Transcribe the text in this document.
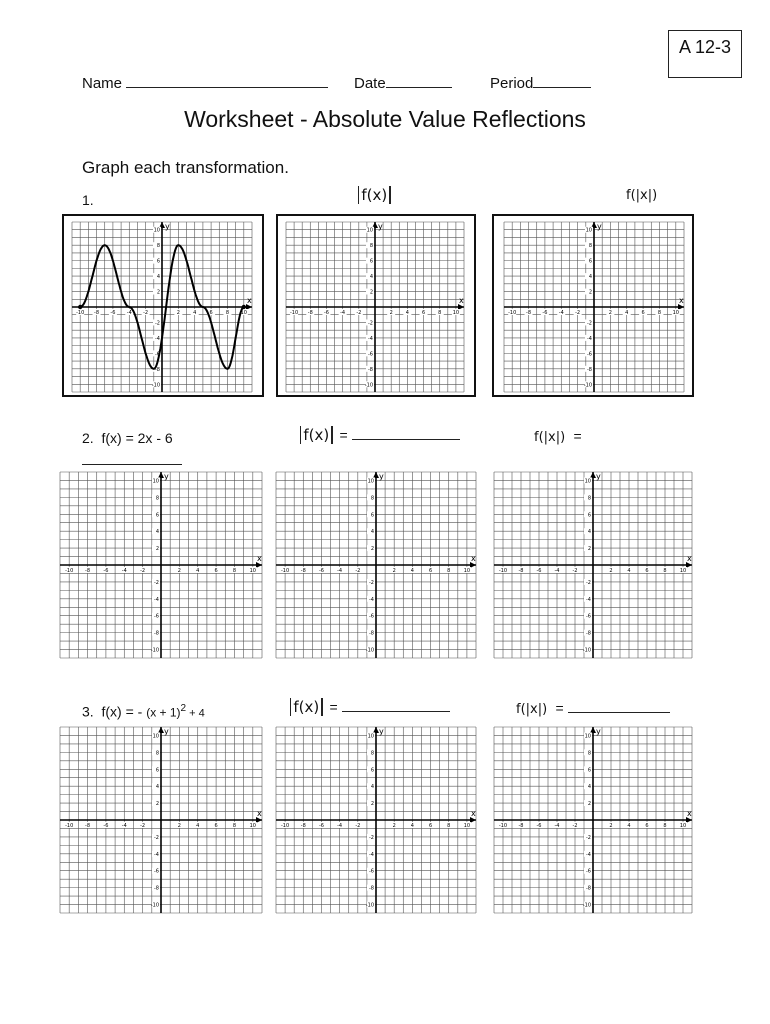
A 12-3
Name	Date	Period
Worksheet - Absolute Value Reflections
Graph each transformation.
1.	f(x)	f(|x|)
2. f(x) = 2x - 6	f(x) =	f(|x|) =
3. f(x) = - $(x + 1)^2 + 4$	f(x) =	f(|x|) =
x
y
-10
-10
-8
-8
-6
-6
-4
-4
-2
-2
2
2
4
4
6
6
8
8
10
10
x
y
-10
-10
-8
-8
-6
-6
-4
-4
-2
-2
2
2
4
4
6
6
8
8
10
10
x
y
-10
-10
-8
-8
-6
-6
-4
-4
-2
-2
2
2
4
4
6
6
8
8
10
10
x
y
-10
-10
-8
-8
-6
-6
-4
-4
-2
-2
2
2
4
4
6
6
8
8
10
10
x
y
-10
-10
-8
-8
-6
-6
-4
-4
-2
-2
2
2
4
4
6
6
8
8
10
10
x
y
-10
-10
-8
-8
-6
-6
-4
-4
-2
-2
2
2
4
4
6
6
8
8
10
10
x
y
-10
-10
-8
-8
-6
-6
-4
-4
-2
-2
2
2
4
4
6
6
8
8
10
10
x
y
-10
-10
-8
-8
-6
-6
-4
-4
-2
-2
2
2
4
4
6
6
8
8
10
10
x
y
-10
-10
-8
-8
-6
-6
-4
-4
-2
-2
2
2
4
4
6
6
8
8
10
10
